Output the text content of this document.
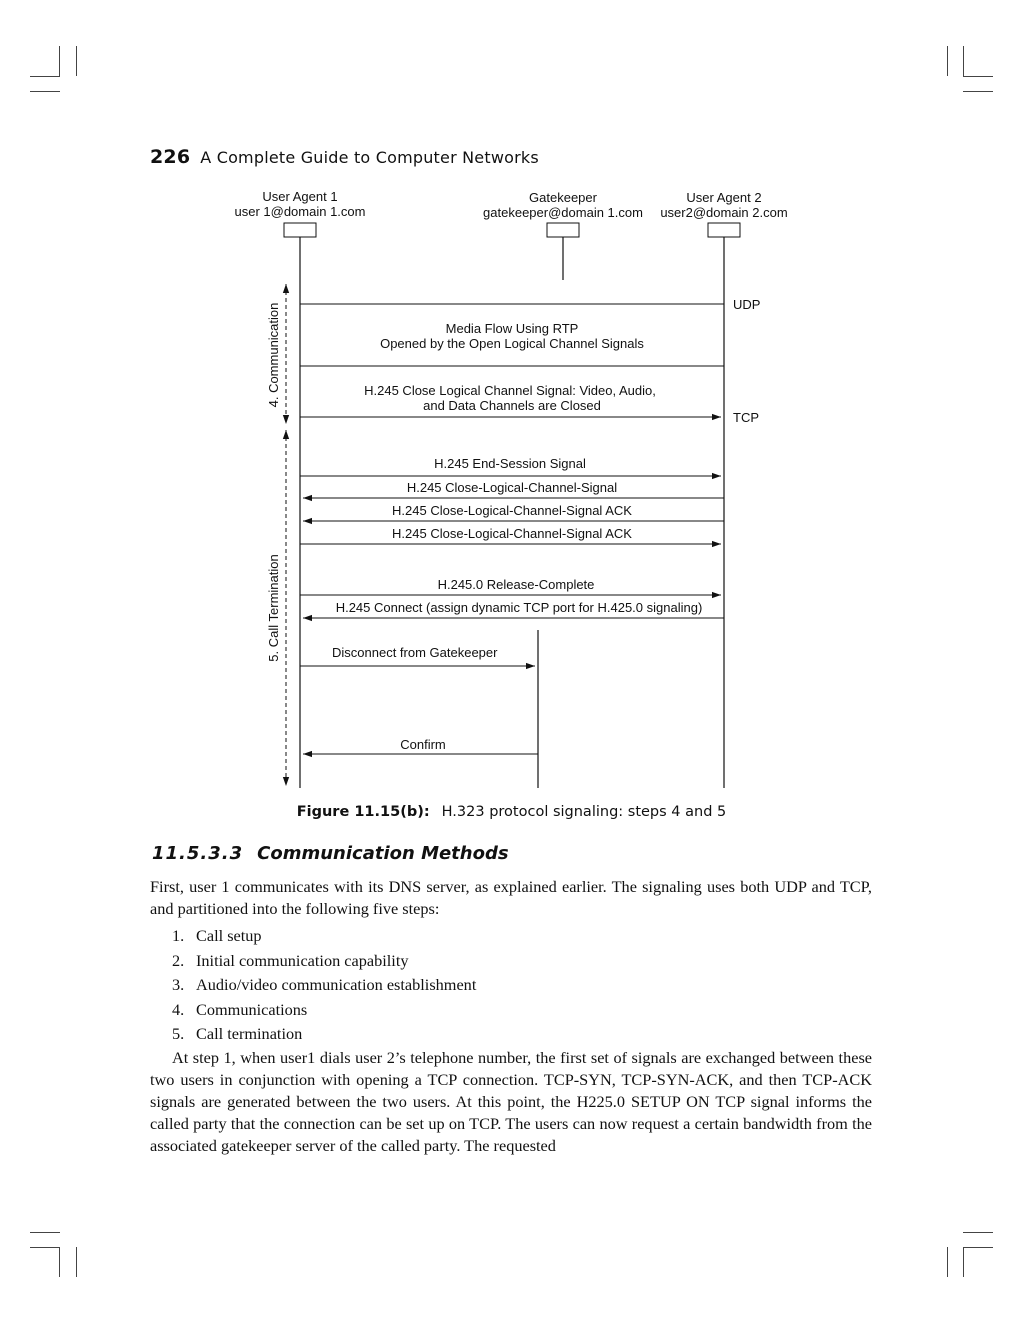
226 A Complete Guide to Computer Networks
User Agent 1
user 1@domain 1.com
Gatekeeper
gatekeeper@domain 1.com
User Agent 2
user2@domain 2.com
4. Communication
5. Call Termination
UDP
Media Flow Using RTP
Opened by the Open Logical Channel Signals
H.245 Close Logical Channel Signal: Video, Audio,
and Data Channels are Closed
TCP
H.245 End-Session Signal
H.245 Close-Logical-Channel-Signal
H.245 Close-Logical-Channel-Signal ACK
H.245 Close-Logical-Channel-Signal ACK
H.245.0 Release-Complete
H.245 Connect (assign dynamic TCP port for H.425.0 signaling)
Disconnect from Gatekeeper
Confirm
Figure 11.15(b): H.323 protocol signaling: steps 4 and 5
11.5.3.3 Communication Methods
First, user 1 communicates with its DNS server, as explained earlier. The signaling uses both UDP and TCP, and partitioned into the following five steps:
1. Call setup
2. Initial communication capability
3. Audio/video communication establishment
4. Communications
5. Call termination
At step 1, when user1 dials user 2’s telephone number, the first set of signals are exchanged between these two users in conjunction with opening a TCP connection. TCP-SYN, TCP-SYN-ACK, and then TCP-ACK signals are generated between the two users. At this point, the H225.0 SETUP ON TCP signal informs the called party that the connection can be set up on TCP. The users can now request a certain bandwidth from the associated gatekeeper server of the called party. The requested
